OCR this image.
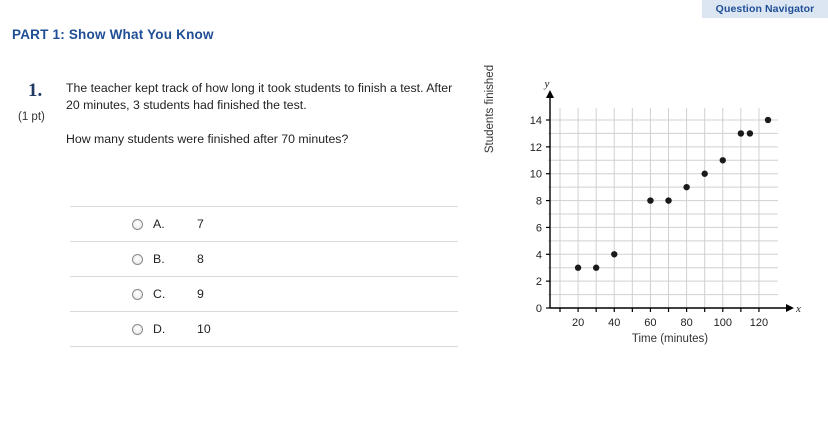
Question Navigator
PART 1: Show What You Know
1.
(1 pt)
The teacher kept track of how long it took students to finish a test. After 20 minutes, 3 students had finished the test.
How many students were finished after 70 minutes?
A.	7
B.	8
C.	9
D.	10
Students finished
x
y
0
2
4
6
8
10
12
14
20 40 60 80 100 120
Time (minutes)
